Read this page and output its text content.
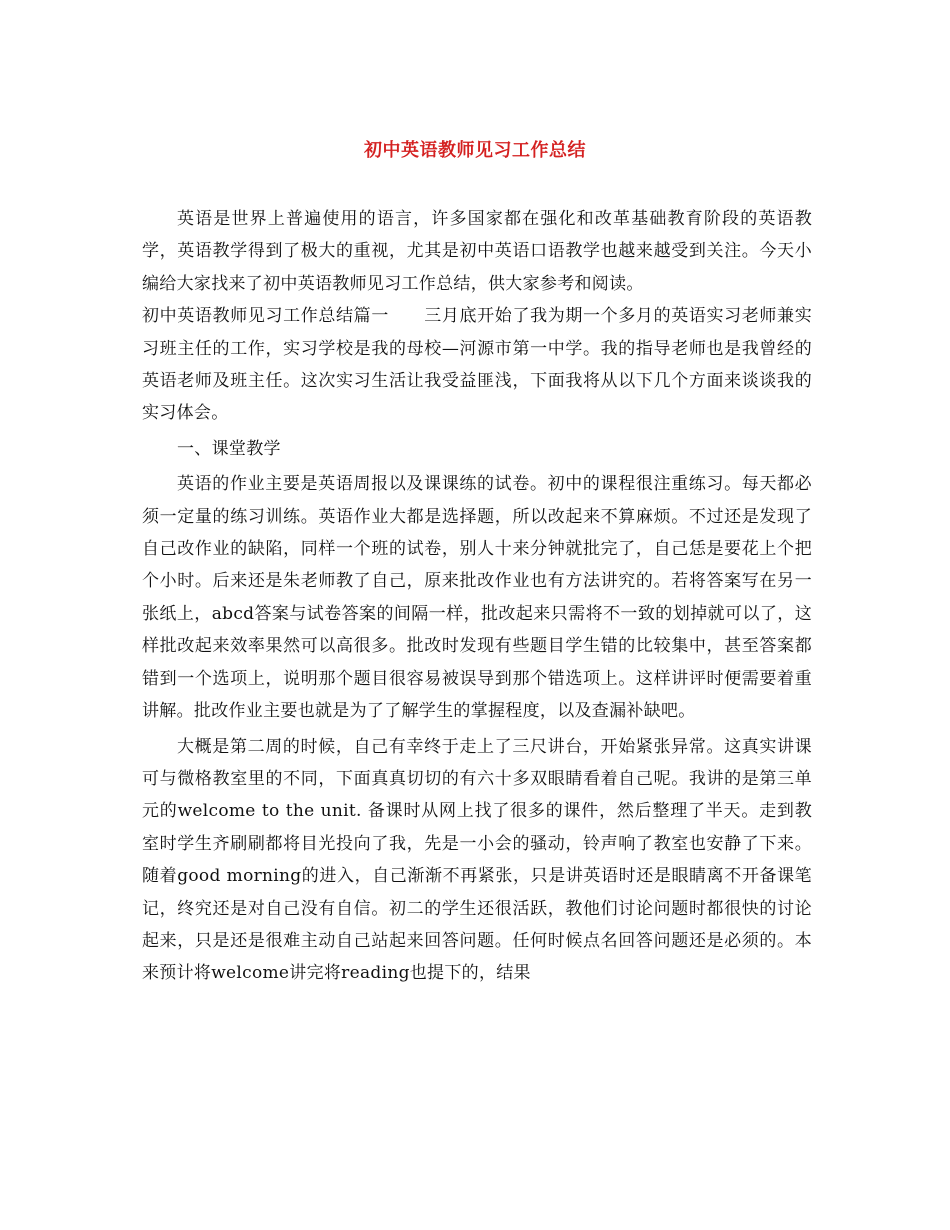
初中英语教师见习工作总结

英语是世界上普遍使用的语言，许多国家都在强化和改革基础教育阶段的英语教学，英语教学得到了极大的重视，尤其是初中英语口语教学也越来越受到关注。今天小编给大家找来了初中英语教师见习工作总结，供大家参考和阅读。

初中英语教师见习工作总结篇一　　三月底开始了我为期一个多月的英语实习老师兼实习班主任的工作，实习学校是我的母校—河源市第一中学。我的指导老师也是我曾经的英语老师及班主任。这次实习生活让我受益匪浅，下面我将从以下几个方面来谈谈我的实习体会。

一、课堂教学

英语的作业主要是英语周报以及课课练的试卷。初中的课程很注重练习。每天都必须一定量的练习训练。英语作业大都是选择题，所以改起来不算麻烦。不过还是发现了自己改作业的缺陷，同样一个班的试卷，别人十来分钟就批完了，自己恁是要花上个把个小时。后来还是朱老师教了自己，原来批改作业也有方法讲究的。若将答案写在另一张纸上，abcd答案与试卷答案的间隔一样，批改起来只需将不一致的划掉就可以了，这样批改起来效率果然可以高很多。批改时发现有些题目学生错的比较集中，甚至答案都错到一个选项上，说明那个题目很容易被误导到那个错选项上。这样讲评时便需要着重讲解。批改作业主要也就是为了了解学生的掌握程度，以及查漏补缺吧。

大概是第二周的时候，自己有幸终于走上了三尺讲台，开始紧张异常。这真实讲课可与微格教室里的不同，下面真真切切的有六十多双眼睛看着自己呢。我讲的是第三单元的welcome to the unit. 备课时从网上找了很多的课件，然后整理了半天。走到教室时学生齐刷刷都将目光投向了我，先是一小会的骚动，铃声响了教室也安静了下来。随着good morning的进入，自己渐渐不再紧张，只是讲英语时还是眼睛离不开备课笔记，终究还是对自己没有自信。初二的学生还很活跃，教他们讨论问题时都很快的讨论起来，只是还是很难主动自己站起来回答问题。任何时候点名回答问题还是必须的。本来预计将welcome讲完将reading也提下的，结果
